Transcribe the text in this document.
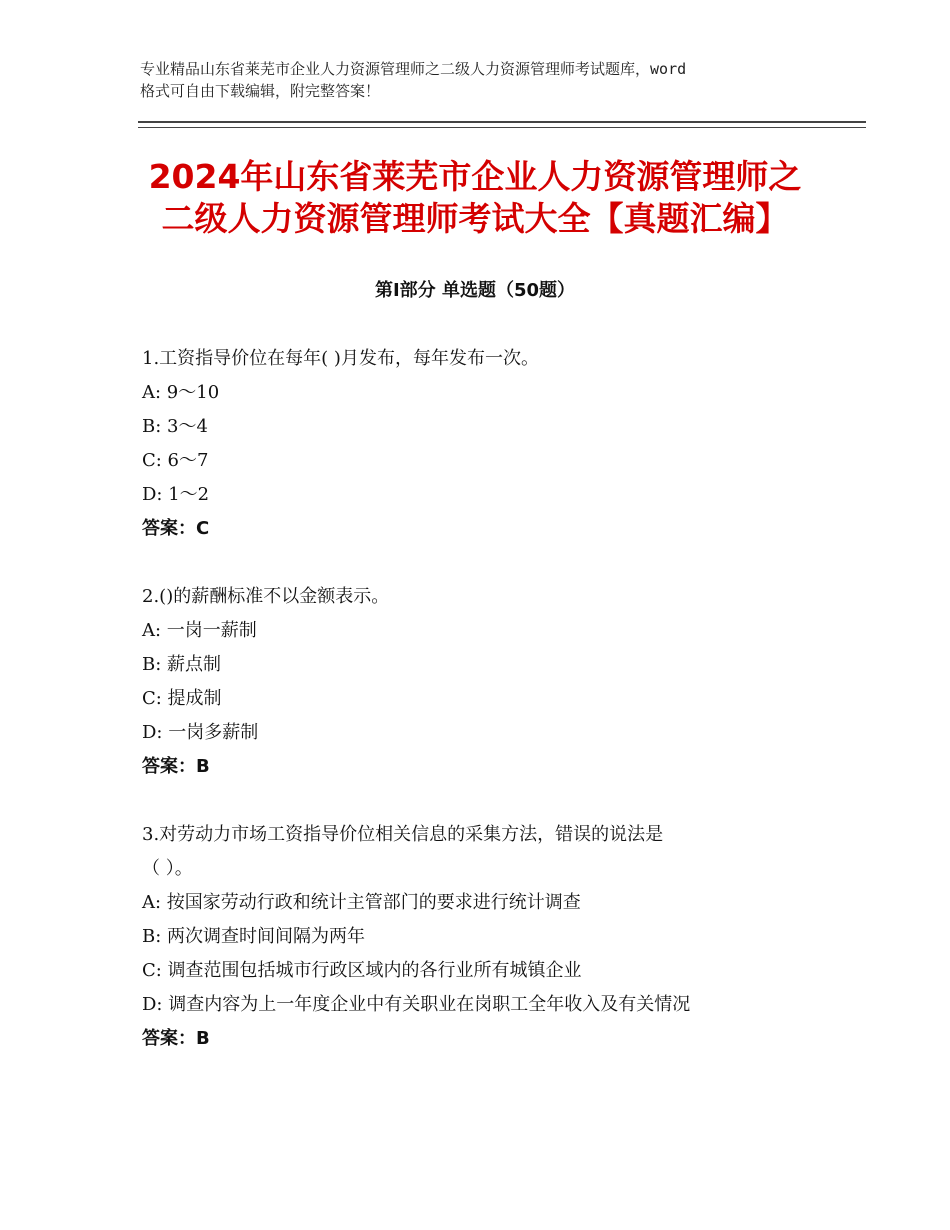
专业精品山东省莱芜市企业人力资源管理师之二级人力资源管理师考试题库，word
格式可自由下载编辑，附完整答案！
2024年山东省莱芜市企业人力资源管理师之
二级人力资源管理师考试大全【真题汇编】
第Ⅰ部分 单选题（50题）

1.工资指导价位在每年( )月发布，每年发布一次。

A: 9～10

B: 3～4

C: 6～7

D: 1～2

答案：C

2.()的薪酬标准不以金额表示。

A: 一岗一薪制

B: 薪点制

C: 提成制

D: 一岗多薪制

答案：B

3.对劳动力市场工资指导价位相关信息的采集方法，错误的说法是

（ ）。

A: 按国家劳动行政和统计主管部门的要求进行统计调查

B: 两次调查时间间隔为两年

C: 调查范围包括城市行政区域内的各行业所有城镇企业

D: 调查内容为上一年度企业中有关职业在岗职工全年收入及有关情况

答案：B
